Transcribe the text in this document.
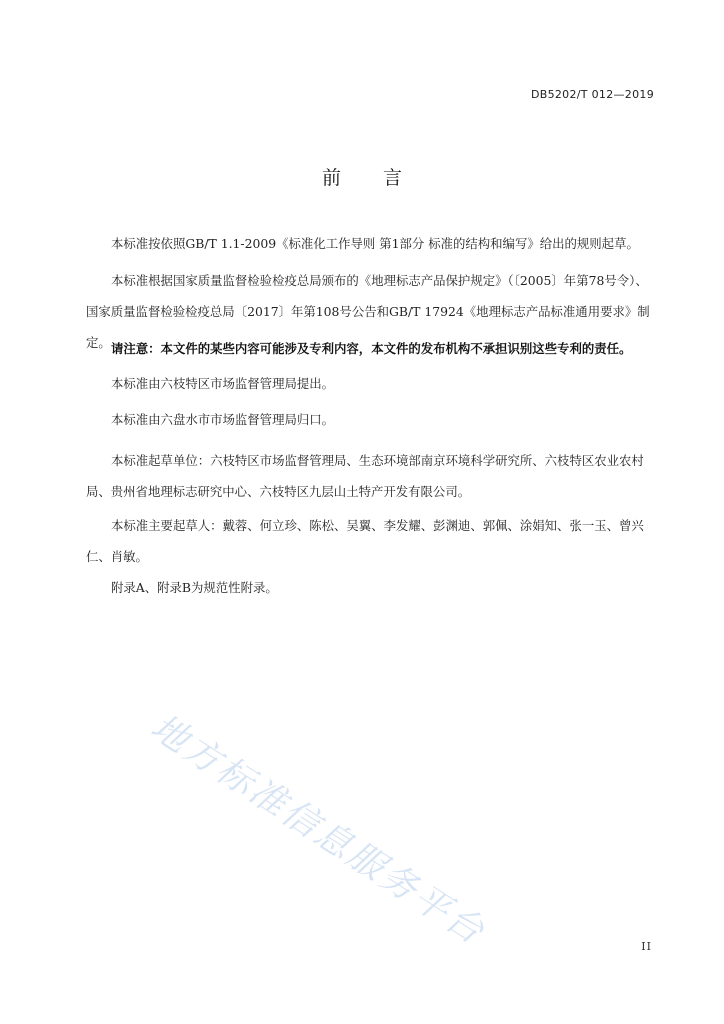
DB5202/T 012—2019
前言
本标准按依照GB/T 1.1-2009《标准化工作导则 第1部分 标准的结构和编写》给出的规则起草。
本标准根据国家质量监督检验检疫总局颁布的《地理标志产品保护规定》（〔2005〕年第78号令）、国家质量监督检验检疫总局〔2017〕年第108号公告和GB/T 17924《地理标志产品标准通用要求》制定。 请注意：本文件的某些内容可能涉及专利内容，本文件的发布机构不承担识别这些专利的责任。
本标准由六枝特区市场监督管理局提出。
本标准由六盘水市市场监督管理局归口。
本标准起草单位：六枝特区市场监督管理局、生态环境部南京环境科学研究所、六枝特区农业农村局、贵州省地理标志研究中心、六枝特区九层山土特产开发有限公司。
本标准主要起草人：戴蓉、何立珍、陈松、吴翼、李发耀、彭渊迪、郭佩、涂娟知、张一玉、曾兴仁、肖敏。
附录A、附录B为规范性附录。
地方标准信息服务平台	II
